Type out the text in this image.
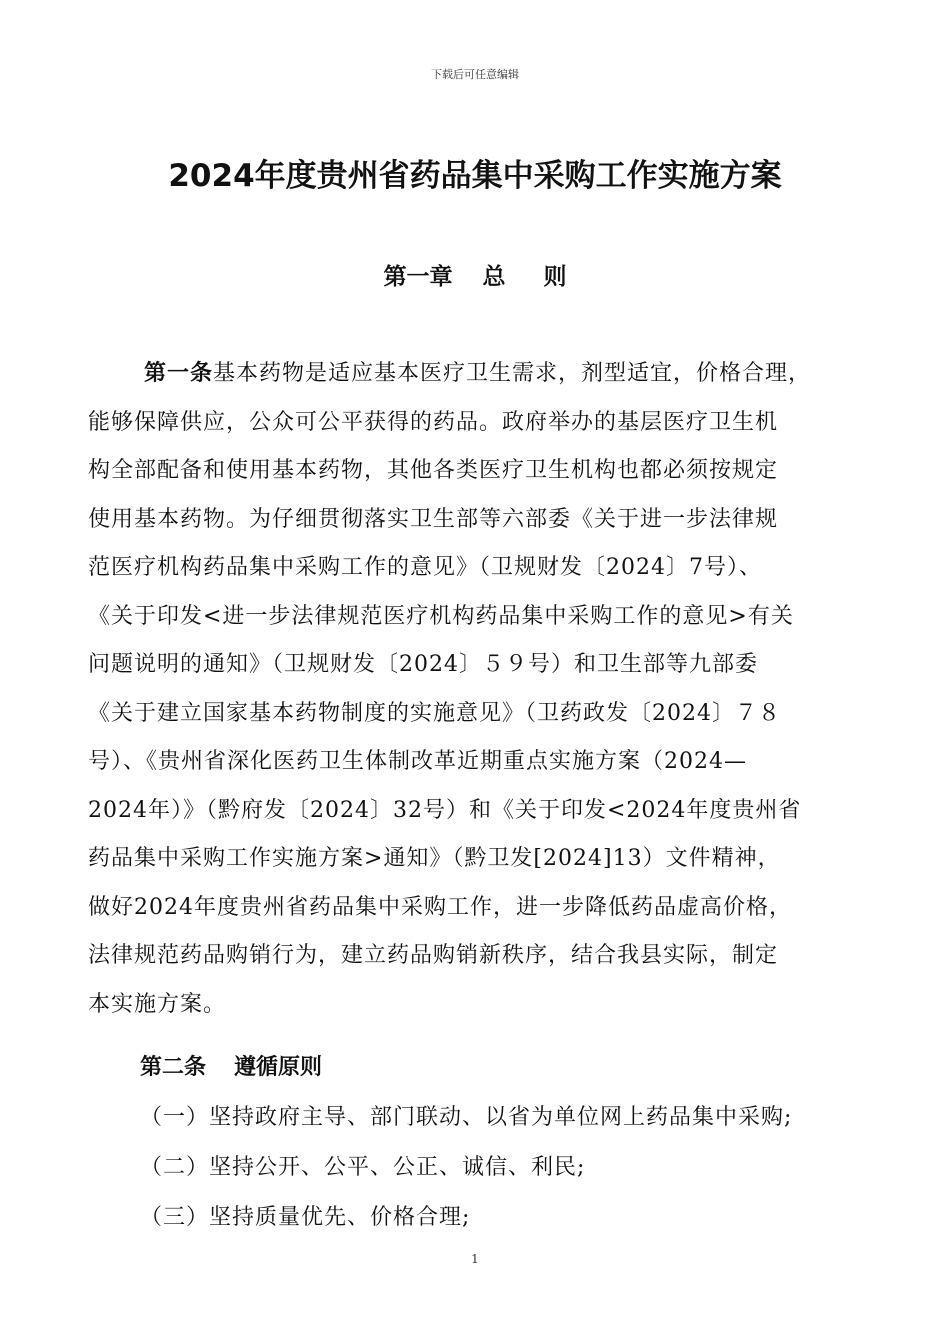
下载后可任意编辑
2024年度贵州省药品集中采购工作实施方案
第一章 总 则
第一条基本药物是适应基本医疗卫生需求，剂型适宜，价格合理，
能够保障供应，公众可公平获得的药品。政府举办的基层医疗卫生机
构全部配备和使用基本药物，其他各类医疗卫生机构也都必须按规定
使用基本药物。为仔细贯彻落实卫生部等六部委《关于进一步法律规
范医疗机构药品集中采购工作的意见》（卫规财发〔2024〕7号）、
《关于印发<进一步法律规范医疗机构药品集中采购工作的意见>有关
问题说明的通知》（卫规财发〔2024〕５９号）和卫生部等九部委
《关于建立国家基本药物制度的实施意见》（卫药政发〔2024〕７８
号）、《贵州省深化医药卫生体制改革近期重点实施方案（2024—
2024年）》（黔府发〔2024〕32号）和《关于印发<2024年度贵州省
药品集中采购工作实施方案>通知》（黔卫发[2024]13）文件精神，
做好2024年度贵州省药品集中采购工作，进一步降低药品虚高价格，
法律规范药品购销行为，建立药品购销新秩序，结合我县实际，制定
本实施方案。
第二条 遵循原则
（一）坚持政府主导、部门联动、以省为单位网上药品集中采购;
（二）坚持公开、公平、公正、诚信、利民;
（三）坚持质量优先、价格合理;
1
